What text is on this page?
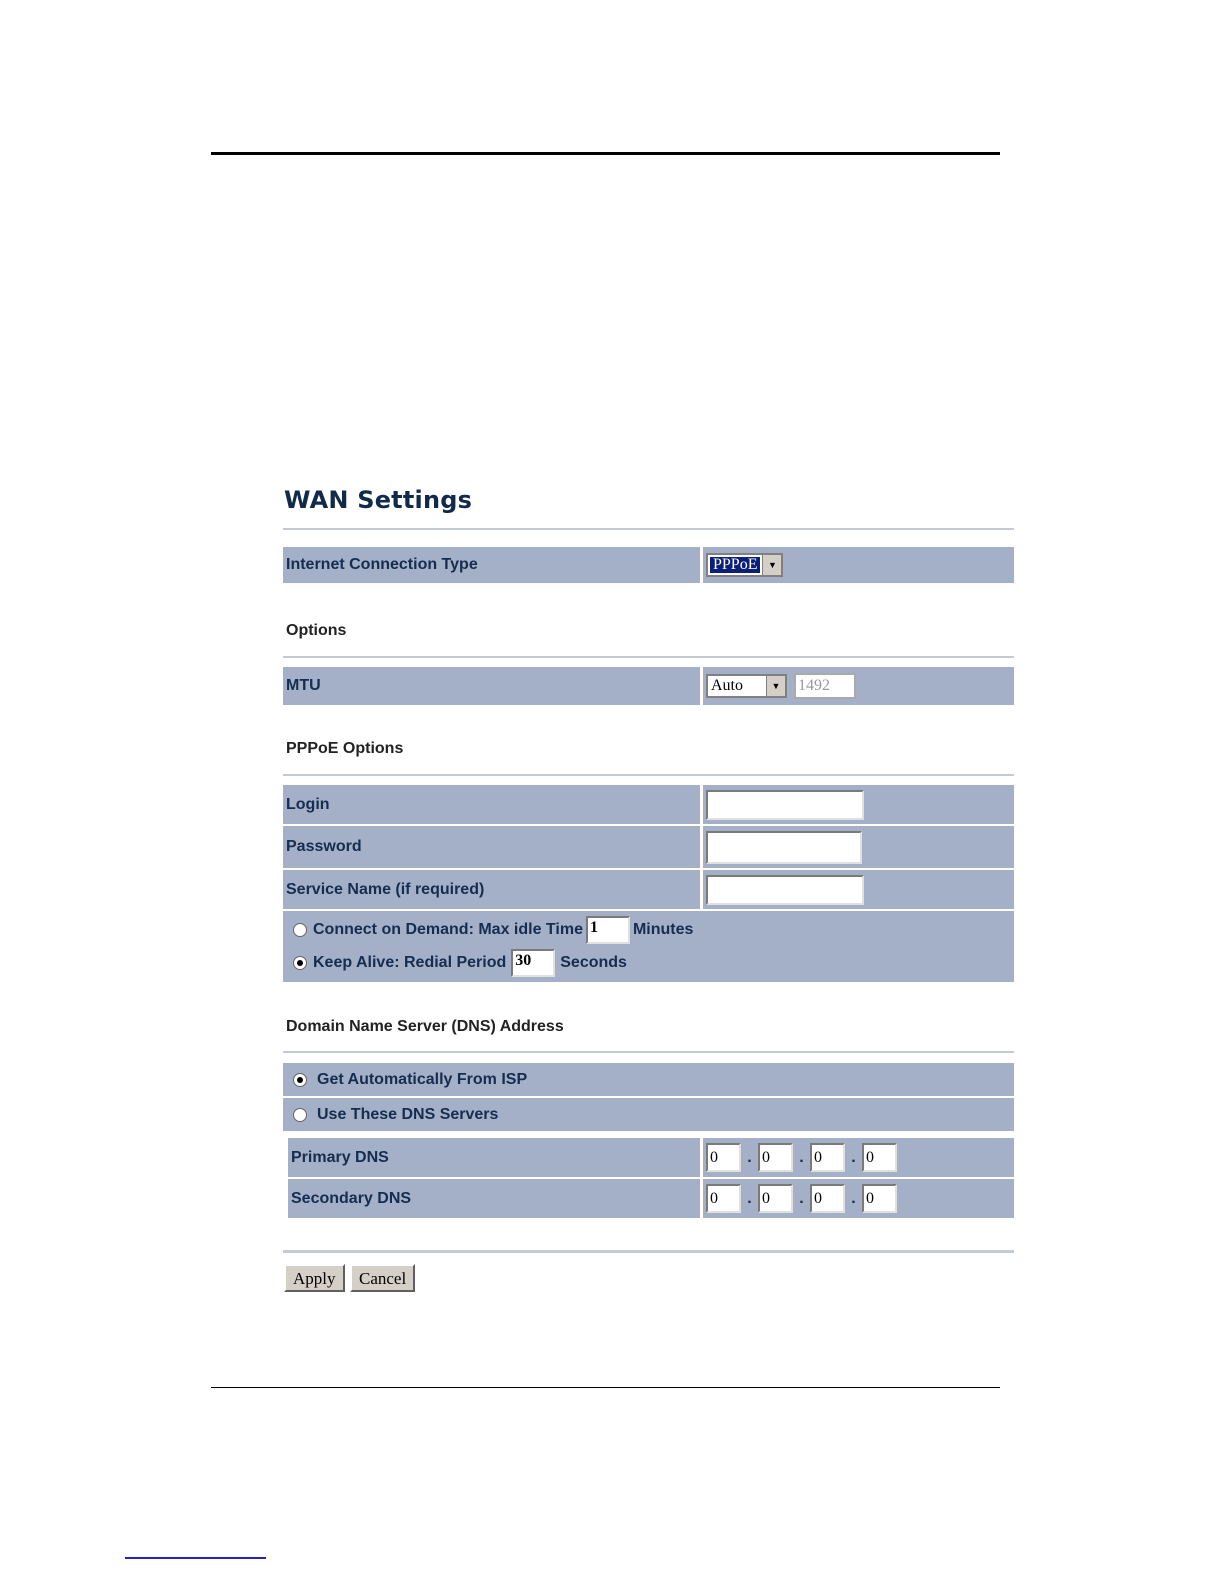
WAN Settings
Internet Connection Type	PPPoE	▼
Options
MTU	Auto	▼ 1492
PPPoE Options
Login
Password
Service Name (if required)
Connect on Demand: Max idle Time 1	Minutes
Keep Alive: Redial Period 30	Seconds
Domain Name Server (DNS) Address
Get Automatically From ISP
Use These DNS Servers
Primary DNS	0	. 0	. 0	. 0
Secondary DNS	0	. 0	. 0	. 0
Apply	Cancel
